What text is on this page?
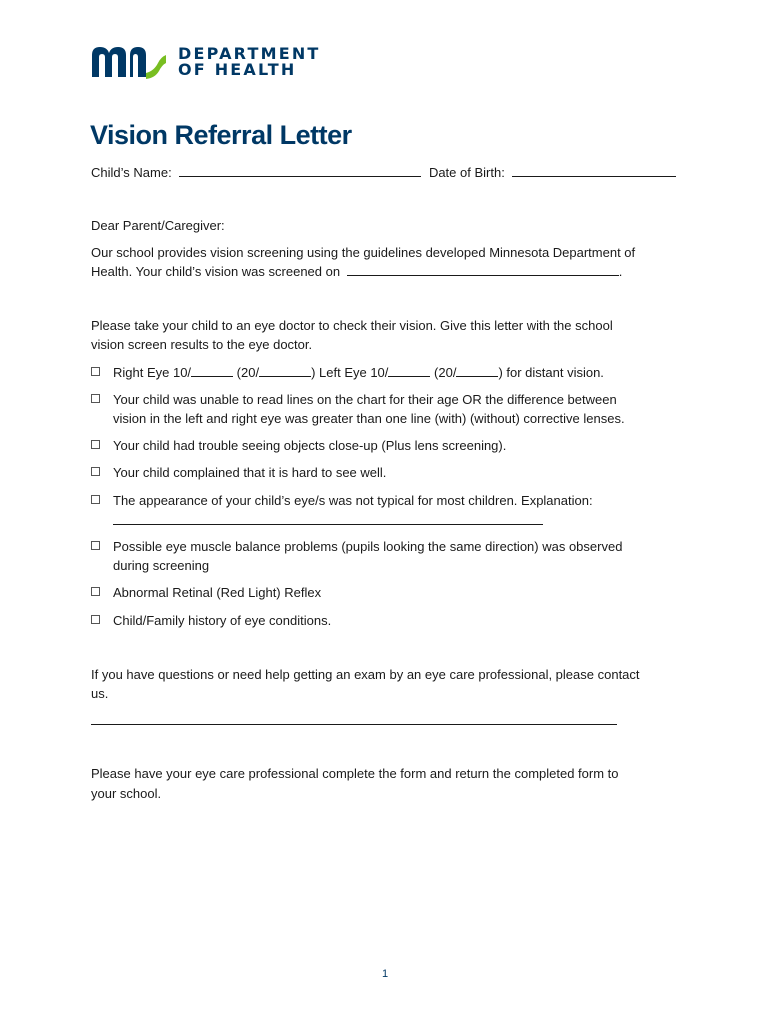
DEPARTMENT
OF HEALTH
Vision Referral Letter
Child’s Name:	Date of Birth:
Dear Parent/Caregiver:
Our school provides vision screening using the guidelines developed Minnesota Department of
Health. Your child’s vision was screened on	.
Please take your child to an eye doctor to check their vision. Give this letter with the school
vision screen results to the eye doctor.
Right Eye 10/	(20/	) Left Eye 10/	(20/	) for distant vision.
Your child was unable to read lines on the chart for their age OR the difference between
vision in the left and right eye was greater than one line (with) (without) corrective lenses.
Your child had trouble seeing objects close-up (Plus lens screening).
Your child complained that it is hard to see well.
The appearance of your child’s eye/s was not typical for most children. Explanation:
Possible eye muscle balance problems (pupils looking the same direction) was observed
during screening
Abnormal Retinal (Red Light) Reflex
Child/Family history of eye conditions.
If you have questions or need help getting an exam by an eye care professional, please contact
us.
Please have your eye care professional complete the form and return the completed form to
your school.
1
